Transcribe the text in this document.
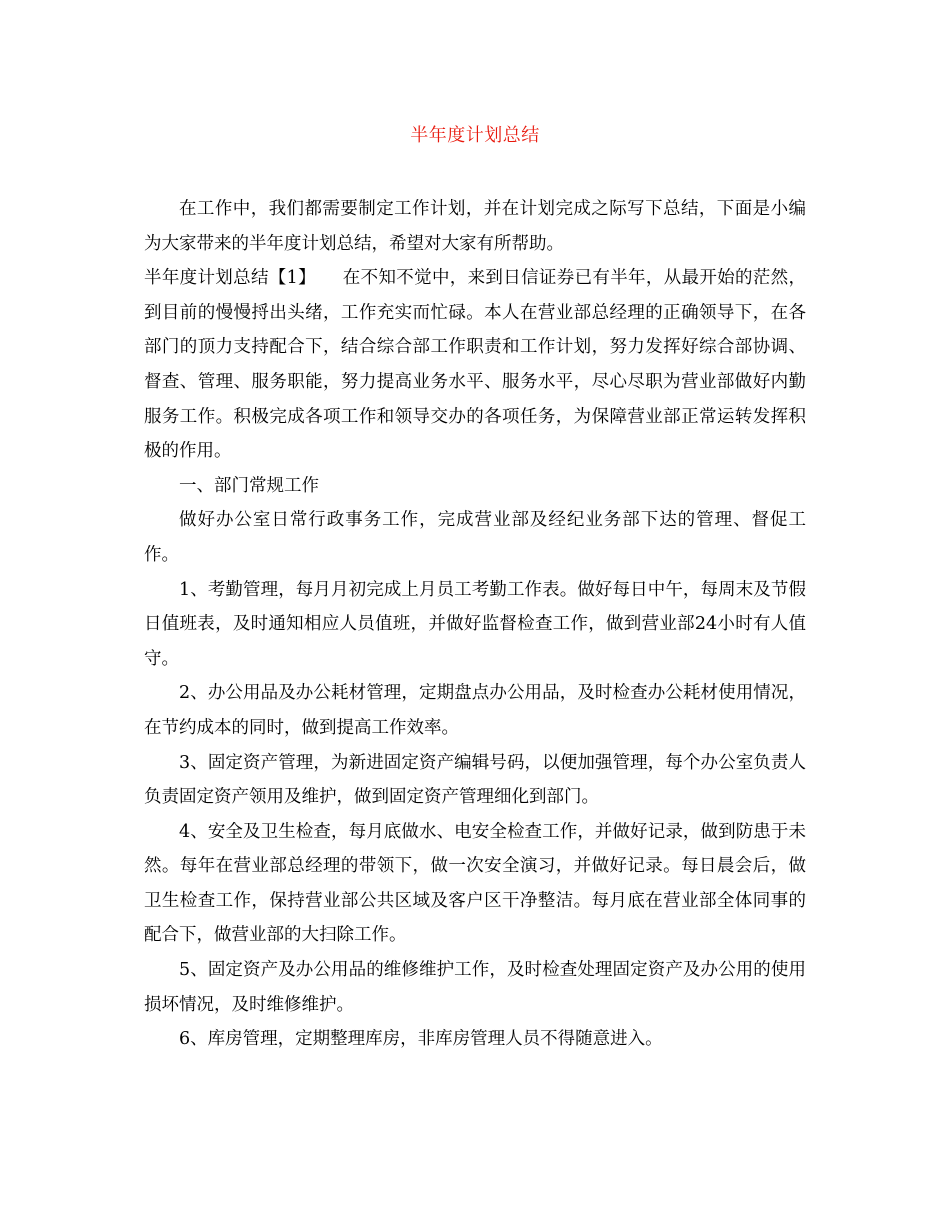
半年度计划总结

在工作中，我们都需要制定工作计划，并在计划完成之际写下总结，下面是小编为大家带来的半年度计划总结，希望对大家有所帮助。

半年度计划总结【1】　　在不知不觉中，来到日信证券已有半年，从最开始的茫然，到目前的慢慢捋出头绪，工作充实而忙碌。本人在营业部总经理的正确领导下，在各部门的顶力支持配合下，结合综合部工作职责和工作计划，努力发挥好综合部协调、督查、管理、服务职能，努力提高业务水平、服务水平，尽心尽职为营业部做好内勤服务工作。积极完成各项工作和领导交办的各项任务，为保障营业部正常运转发挥积极的作用。

一、部门常规工作

做好办公室日常行政事务工作，完成营业部及经纪业务部下达的管理、督促工作。

1、考勤管理，每月月初完成上月员工考勤工作表。做好每日中午，每周末及节假日值班表，及时通知相应人员值班，并做好监督检查工作，做到营业部24小时有人值守。

2、办公用品及办公耗材管理，定期盘点办公用品，及时检查办公耗材使用情况，在节约成本的同时，做到提高工作效率。

3、固定资产管理，为新进固定资产编辑号码，以便加强管理，每个办公室负责人负责固定资产领用及维护，做到固定资产管理细化到部门。

4、安全及卫生检查，每月底做水、电安全检查工作，并做好记录，做到防患于未然。每年在营业部总经理的带领下，做一次安全演习，并做好记录。每日晨会后，做卫生检查工作，保持营业部公共区域及客户区干净整洁。每月底在营业部全体同事的配合下，做营业部的大扫除工作。

5、固定资产及办公用品的维修维护工作，及时检查处理固定资产及办公用的使用损坏情况，及时维修维护。

6、库房管理，定期整理库房，非库房管理人员不得随意进入。
